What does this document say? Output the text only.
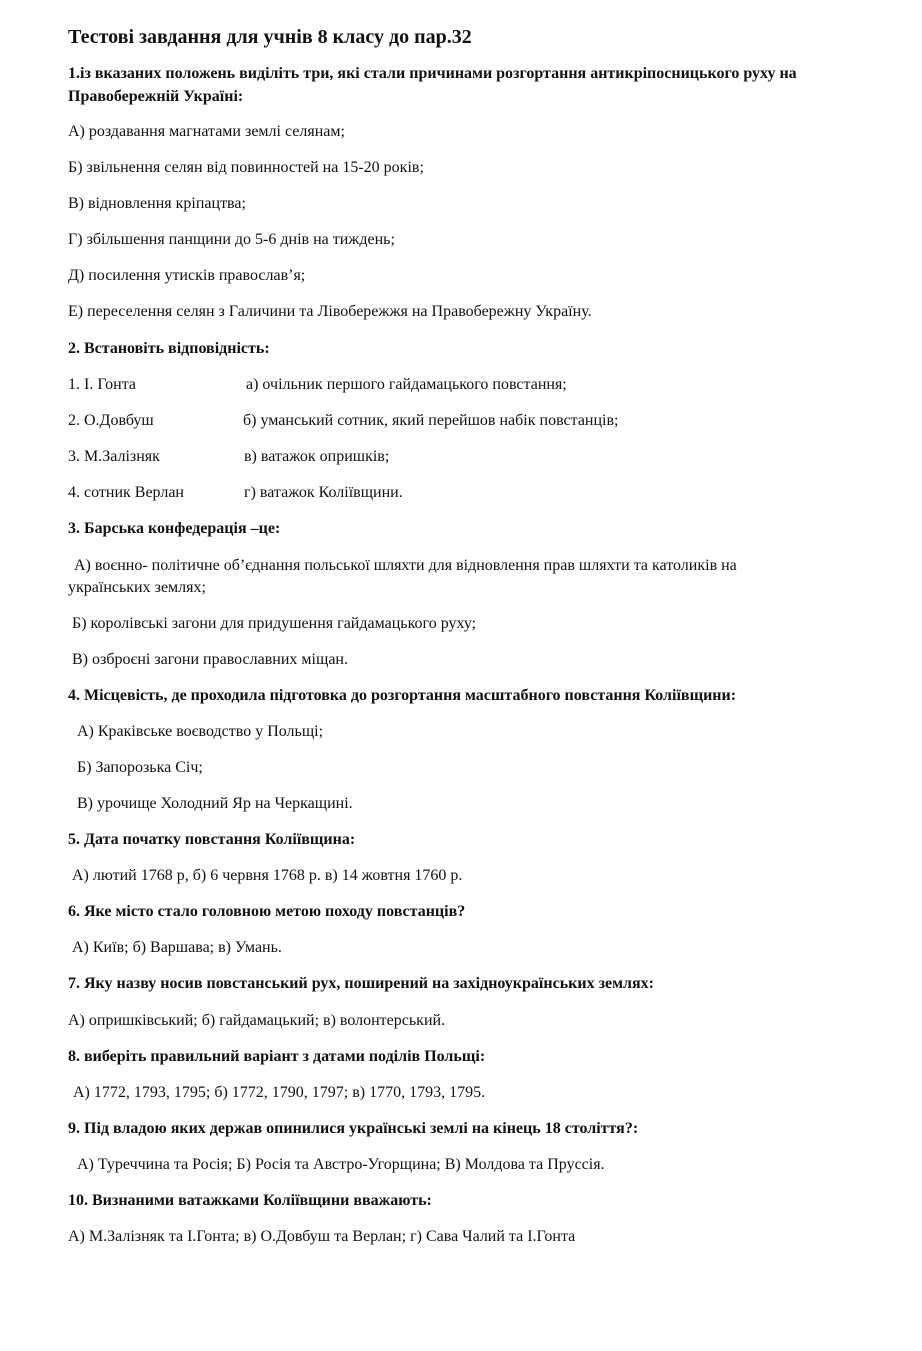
Тестові завдання для учнів 8 класу до пар.32

1.із вказаних положень виділіть три, які стали причинами розгортання антикріпосницького руху на

Правобережній Україні:

А) роздавання магнатами землі селянам;

Б) звільнення селян від повинностей на 15-20 років;

В) відновлення кріпацтва;

Г) збільшення панщини до 5-6 днів на тиждень;

Д) посилення утисків православ’я;

Е) переселення селян з Галичини та Лівобережжя на Правобережну Україну.

2. Встановіть відповідність:

1. І. Гонта	а) очільник першого гайдамацького повстання;

2. О.Довбуш	б) уманський сотник, який перейшов набік повстанців;

3. М.Залізняк	в) ватажок опришків;

4. сотник Верлан	г) ватажок Коліївщини.

3. Барська конфедерація –це:

А) воєнно- політичне об’єднання польської шляхти для відновлення прав шляхти та католиків на

українських землях;

Б) королівські загони для придушення гайдамацького руху;

В) озброєні загони православних міщан.

4. Місцевість, де проходила підготовка до розгортання масштабного повстання Коліївщини:

А) Краківське воєводство у Польщі;

Б) Запорозька Січ;

В) урочище Холодний Яр на Черкащині.

5. Дата початку повстання Коліївщина:

А) лютий 1768 р, б) 6 червня 1768 р. в) 14 жовтня 1760 р.

6. Яке місто стало головною метою походу повстанців?

А) Київ; б) Варшава; в) Умань.

7. Яку назву носив повстанський рух, поширений на західноукраїнських землях:

А) опришківський; б) гайдамацький; в) волонтерський.

8. виберіть правильний варіант з датами поділів Польщі:

А) 1772, 1793, 1795; б) 1772, 1790, 1797; в) 1770, 1793, 1795.

9. Під владою яких держав опинилися українські землі на кінець 18 століття?:

А) Туреччина та Росія; Б) Росія та Австро-Угорщина; В) Молдова та Пруссія.

10. Визнаними ватажками Коліївщини вважають:

А) М.Залізняк та І.Гонта; в) О.Довбуш та Верлан; г) Сава Чалий та І.Гонта
